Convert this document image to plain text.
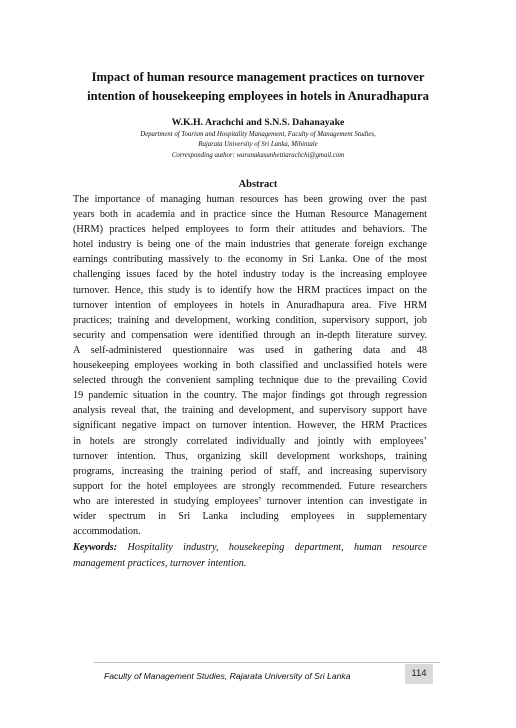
Impact of human resource management practices on turnover
intention of housekeeping employees in hotels in Anuradhapura
W.K.H. Arachchi and S.N.S. Dahanayake
Department of Tourism and Hospitality Management, Faculty of Management Studies,
Rajarata University of Sri Lanka, Mihintale
Corresponding author: warunakasunhettiarachchi@gmail.com
Abstract
The importance of managing human resources has been growing over the past
years both in academia and in practice since the Human Resource Management
(HRM) practices helped employees to form their attitudes and behaviors. The
hotel industry is being one of the main industries that generate foreign exchange
earnings contributing massively to the economy in Sri Lanka. One of the most
challenging issues faced by the hotel industry today is the increasing employee
turnover. Hence, this study is to identify how the HRM practices impact on the
turnover intention of employees in hotels in Anuradhapura area. Five HRM
practices; training and development, working condition, supervisory support, job
security and compensation were identified through an in-depth literature survey.
A self-administered questionnaire was used in gathering data and 48
housekeeping employees working in both classified and unclassified hotels were
selected through the convenient sampling technique due to the prevailing Covid
19 pandemic situation in the country. The major findings got through regression
analysis reveal that, the training and development, and supervisory support have
significant negative impact on turnover intention. However, the HRM Practices
in hotels are strongly correlated individually and jointly with employees’
turnover intention. Thus, organizing skill development workshops, training
programs, increasing the training period of staff, and increasing supervisory
support for the hotel employees are strongly recommended. Future researchers
who are interested in studying employees’ turnover intention can investigate in
wider spectrum in Sri Lanka including employees in supplementary
accommodation.
Keywords: Hospitality industry, housekeeping department, human resource
management practices, turnover intention.
Faculty of Management Studies, Rajarata University of Sri Lanka	114
